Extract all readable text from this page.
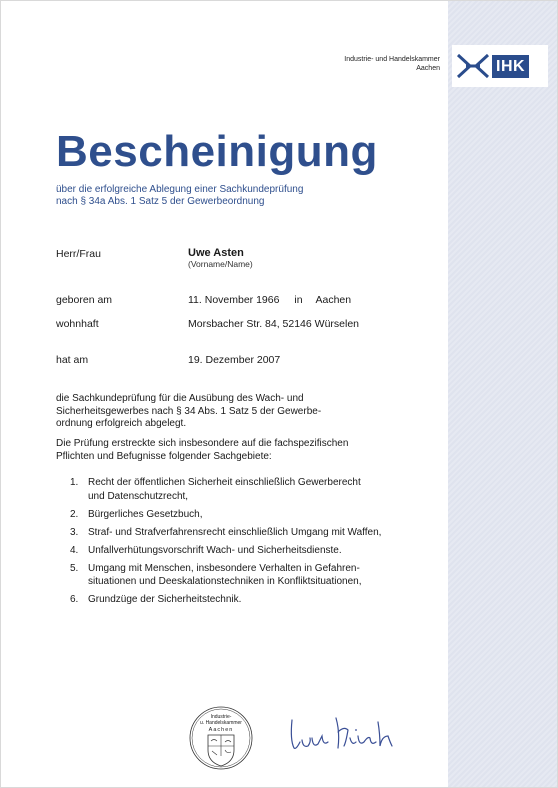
Industrie- und Handelskammer
Aachen	IHK
Bescheinigung
über die erfolgreiche Ablegung einer Sachkundeprüfung
nach § 34a Abs. 1 Satz 5 der Gewerbeordnung
Herr/Frau	Uwe Asten
(Vorname/Name)
geboren am	11. November 1966 in Aachen
wohnhaft	Morsbacher Str. 84, 52146 Würselen
hat am	19. Dezember 2007
die Sachkundeprüfung für die Ausübung des Wach- und
Sicherheitsgewerbes nach § 34 Abs. 1 Satz 5 der Gewerbe-
ordnung erfolgreich abgelegt.
Die Prüfung erstreckte sich insbesondere auf die fachspezifischen
Pflichten und Befugnisse folgender Sachgebiete:
1. Recht der öffentlichen Sicherheit einschließlich Gewerberecht
und Datenschutzrecht,
2. Bürgerliches Gesetzbuch,
3. Straf- und Strafverfahrensrecht einschließlich Umgang mit Waffen,
4. Unfallverhütungsvorschrift Wach- und Sicherheitsdienste.
5. Umgang mit Menschen, insbesondere Verhalten in Gefahren-
situationen und Deeskalationstechniken in Konfliktsituationen,
6. Grundzüge der Sicherheitstechnik.
Industrie-
u. Handelskammer
Aachen
